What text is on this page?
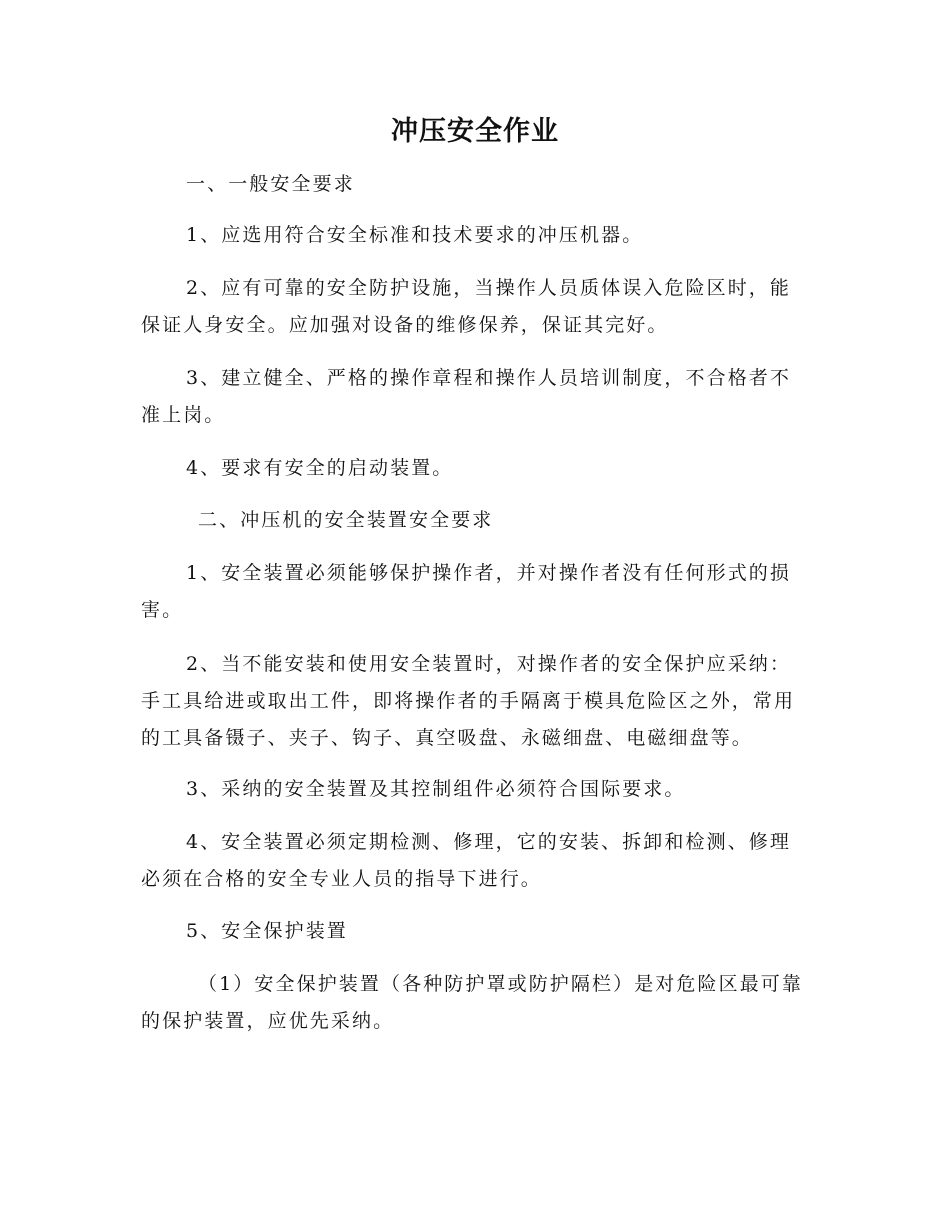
冲压安全作业

一、一般安全要求

1、应选用符合安全标准和技术要求的冲压机器。

2、应有可靠的安全防护设施，当操作人员质体误入危险区时，能保证人身安全。应加强对设备的维修保养，保证其完好。

3、建立健全、严格的操作章程和操作人员培训制度，不合格者不准上岗。

4、要求有安全的启动装置。

二、冲压机的安全装置安全要求

1、安全装置必须能够保护操作者，并对操作者没有任何形式的损害。

2、当不能安装和使用安全装置时，对操作者的安全保护应采纳：手工具给进或取出工件，即将操作者的手隔离于模具危险区之外，常用的工具备镊子、夹子、钩子、真空吸盘、永磁细盘、电磁细盘等。

3、采纳的安全装置及其控制组件必须符合国际要求。

4、安全装置必须定期检测、修理，它的安装、拆卸和检测、修理必须在合格的安全专业人员的指导下进行。

5、安全保护装置

（1）安全保护装置（各种防护罩或防护隔栏）是对危险区最可靠的保护装置，应优先采纳。
